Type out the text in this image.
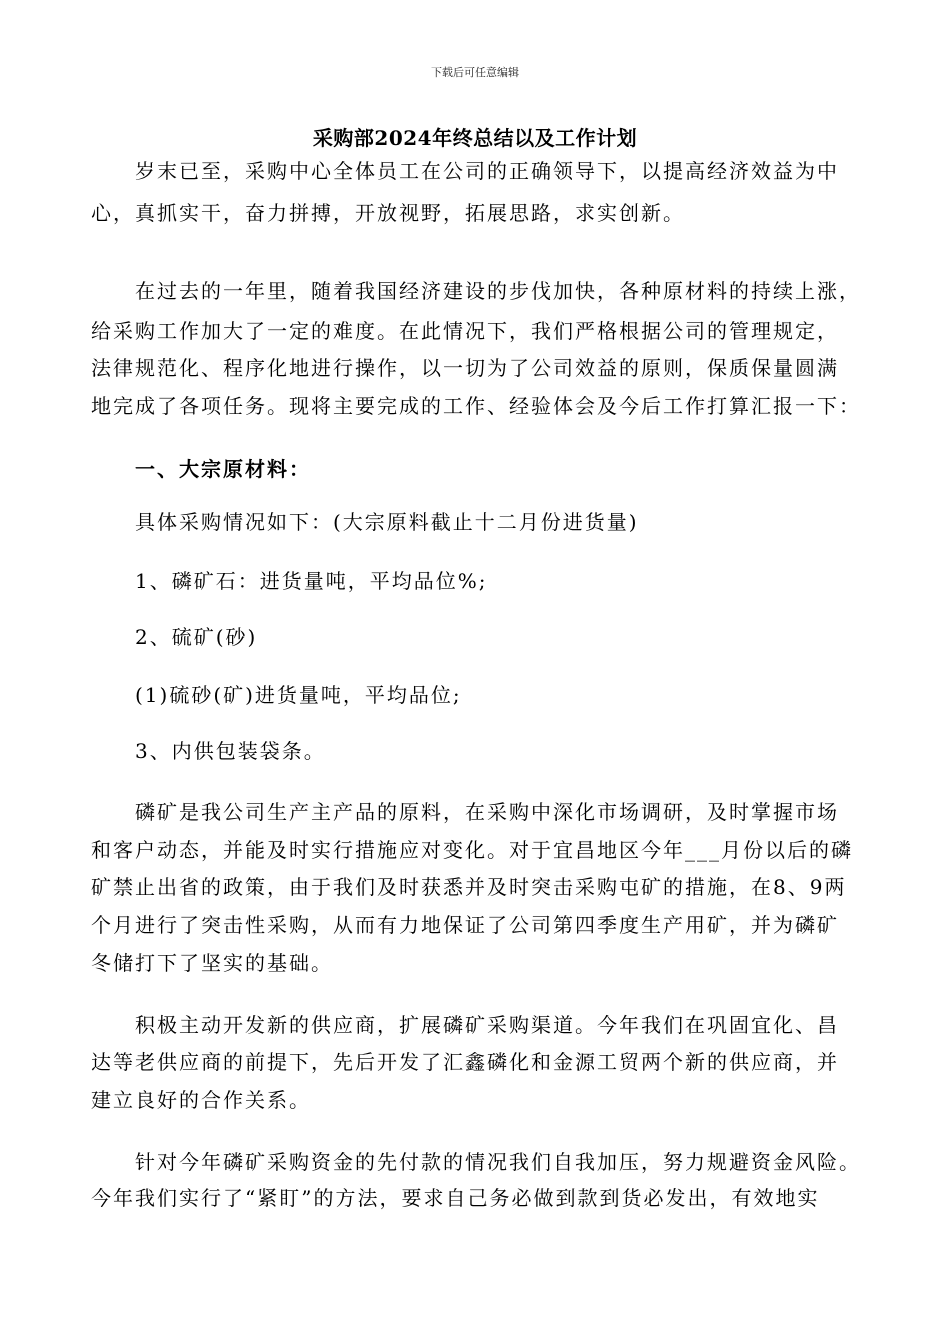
下载后可任意编辑
采购部2024年终总结以及工作计划
岁末已至，采购中心全体员工在公司的正确领导下，以提高经济效益为中
心，真抓实干，奋力拼搏，开放视野，拓展思路，求实创新。
在过去的一年里，随着我国经济建设的步伐加快，各种原材料的持续上涨，
给采购工作加大了一定的难度。在此情况下，我们严格根据公司的管理规定，
法律规范化、程序化地进行操作，以一切为了公司效益的原则，保质保量圆满
地完成了各项任务。现将主要完成的工作、经验体会及今后工作打算汇报一下：
一、大宗原材料：
具体采购情况如下：(大宗原料截止十二月份进货量)
1、磷矿石：进货量吨，平均品位%;
2、硫矿(砂)
(1)硫砂(矿)进货量吨，平均品位;
3、内供包装袋条。
磷矿是我公司生产主产品的原料，在采购中深化市场调研，及时掌握市场
和客户动态，并能及时实行措施应对变化。对于宜昌地区今年___月份以后的磷
矿禁止出省的政策，由于我们及时获悉并及时突击采购屯矿的措施，在8、9两
个月进行了突击性采购，从而有力地保证了公司第四季度生产用矿，并为磷矿
冬储打下了坚实的基础。
积极主动开发新的供应商，扩展磷矿采购渠道。今年我们在巩固宜化、昌
达等老供应商的前提下，先后开发了汇鑫磷化和金源工贸两个新的供应商，并
建立良好的合作关系。
针对今年磷矿采购资金的先付款的情况我们自我加压，努力规避资金风险。
今年我们实行了“紧盯”的方法，要求自己务必做到款到货必发出，有效地实
